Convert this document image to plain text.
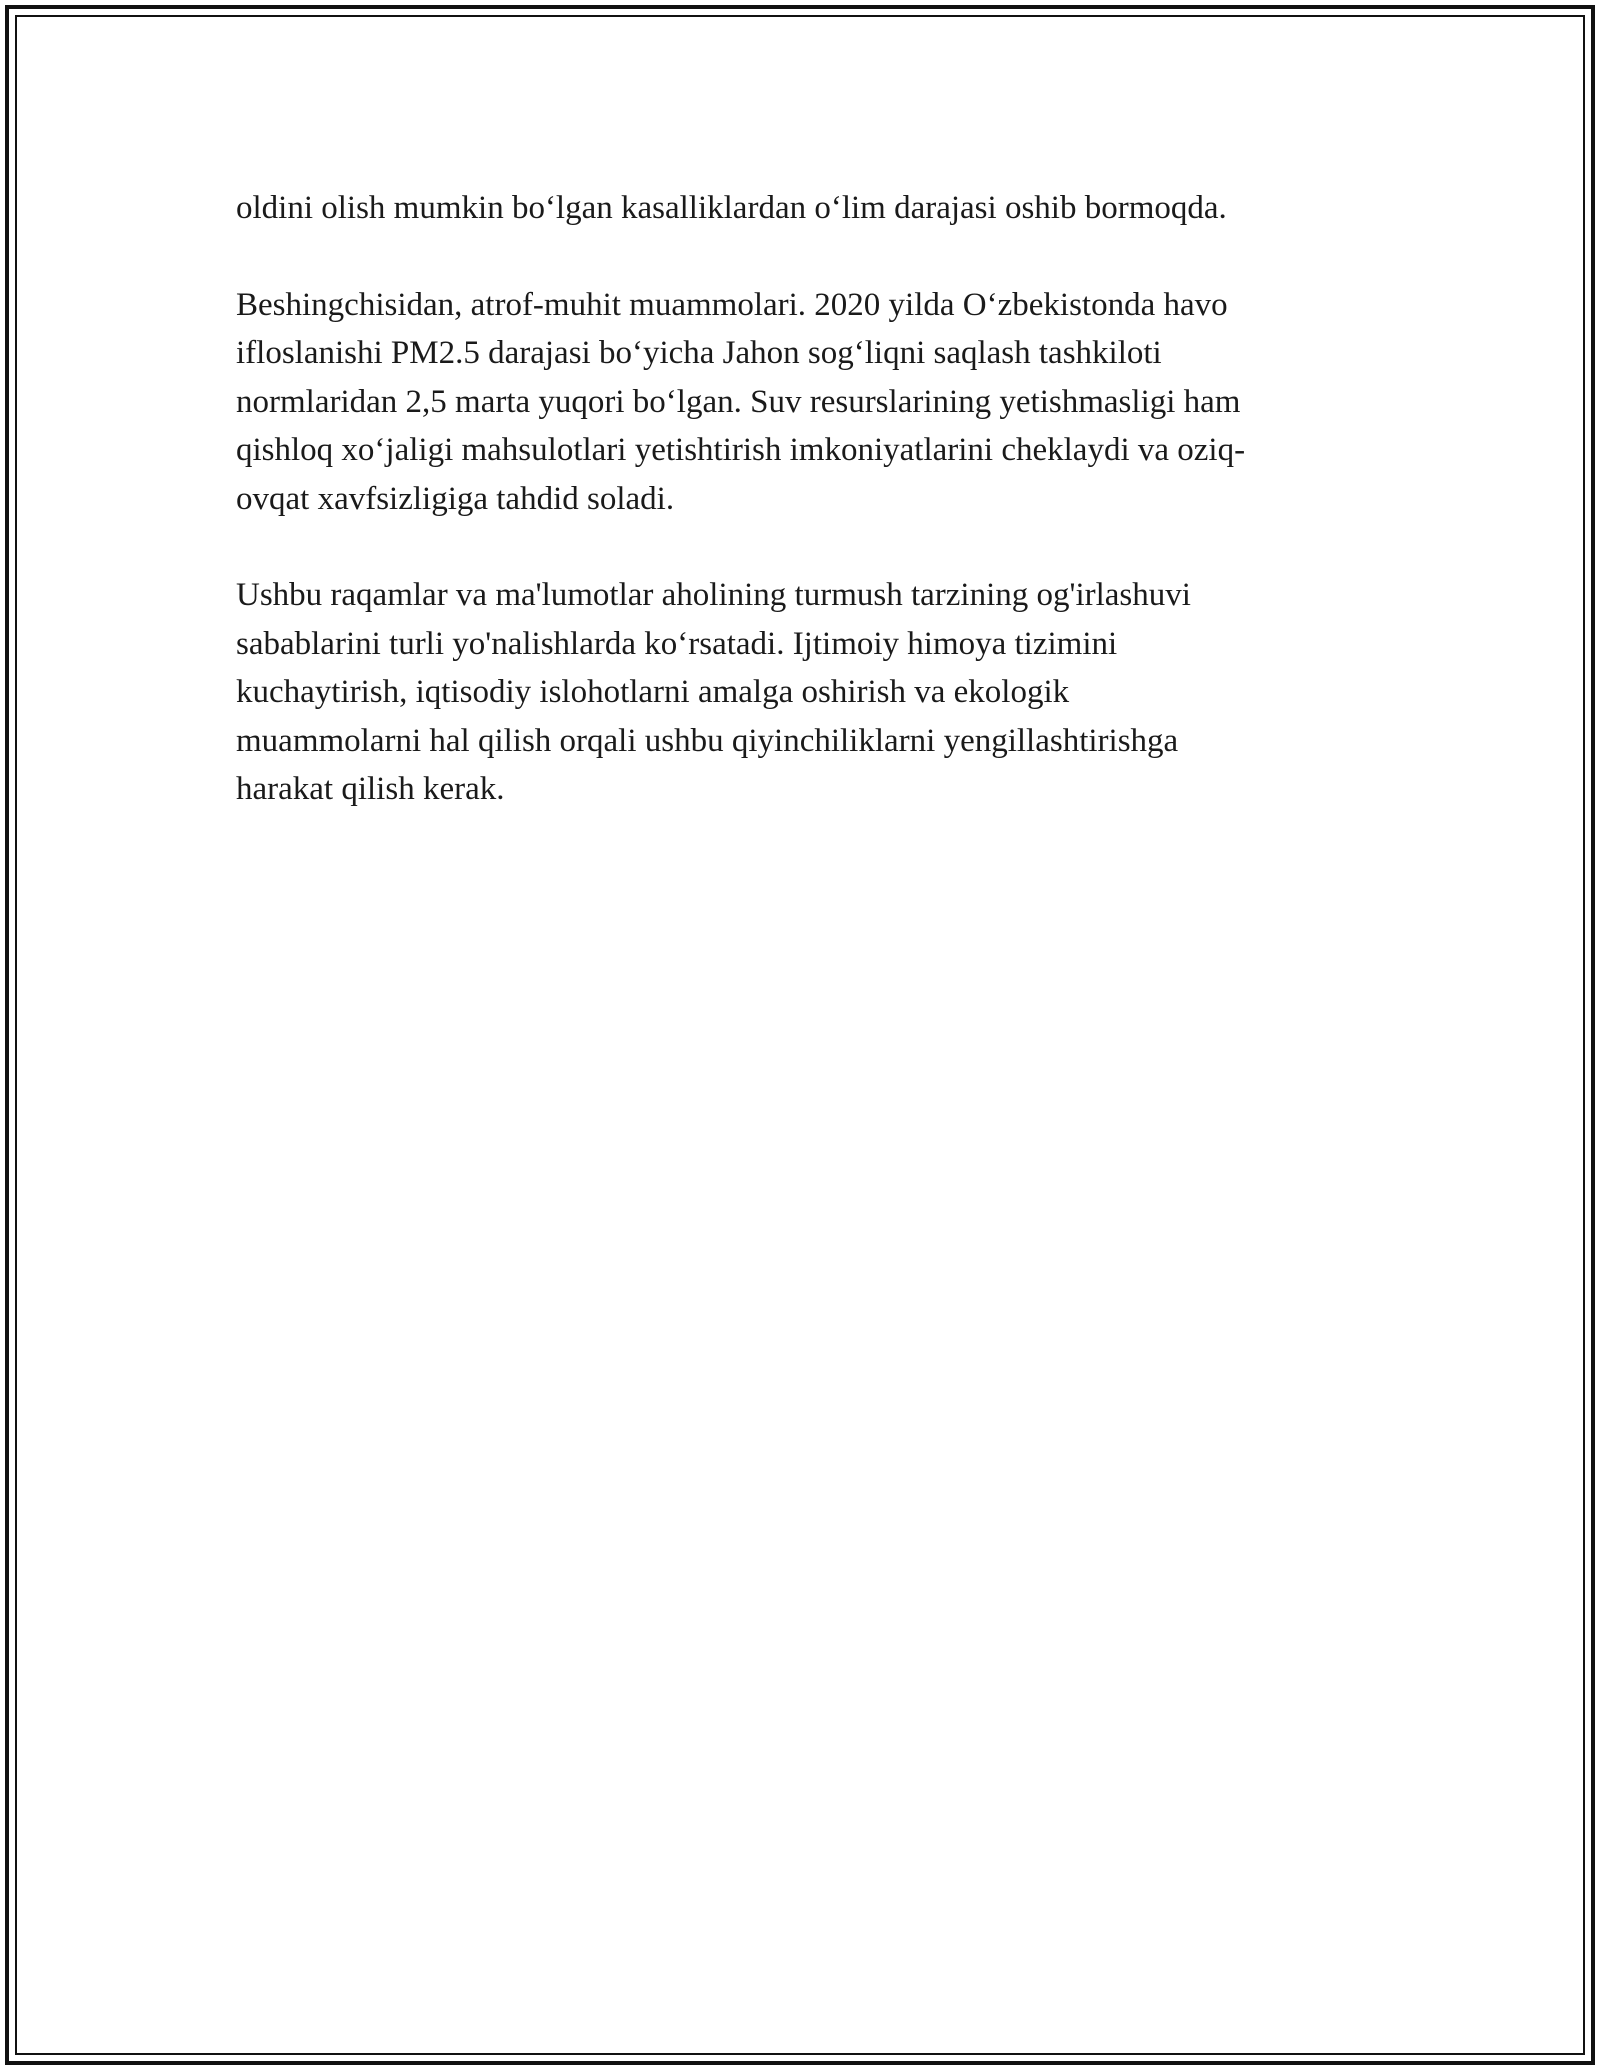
oldini olish mumkin bo‘lgan kasalliklardan o‘lim darajasi oshib bormoqda.

Beshingchisidan, atrof-muhit muammolari. 2020 yilda O‘zbekistonda havo
ifloslanishi PM2.5 darajasi bo‘yicha Jahon sog‘liqni saqlash tashkiloti
normlaridan 2,5 marta yuqori bo‘lgan. Suv resurslarining yetishmasligi ham
qishloq xo‘jaligi mahsulotlari yetishtirish imkoniyatlarini cheklaydi va oziq-
ovqat xavfsizligiga tahdid soladi.

Ushbu raqamlar va ma'lumotlar aholining turmush tarzining og'irlashuvi
sabablarini turli yo'nalishlarda ko‘rsatadi. Ijtimoiy himoya tizimini
kuchaytirish, iqtisodiy islohotlarni amalga oshirish va ekologik
muammolarni hal qilish orqali ushbu qiyinchiliklarni yengillashtirishga
harakat qilish kerak.
